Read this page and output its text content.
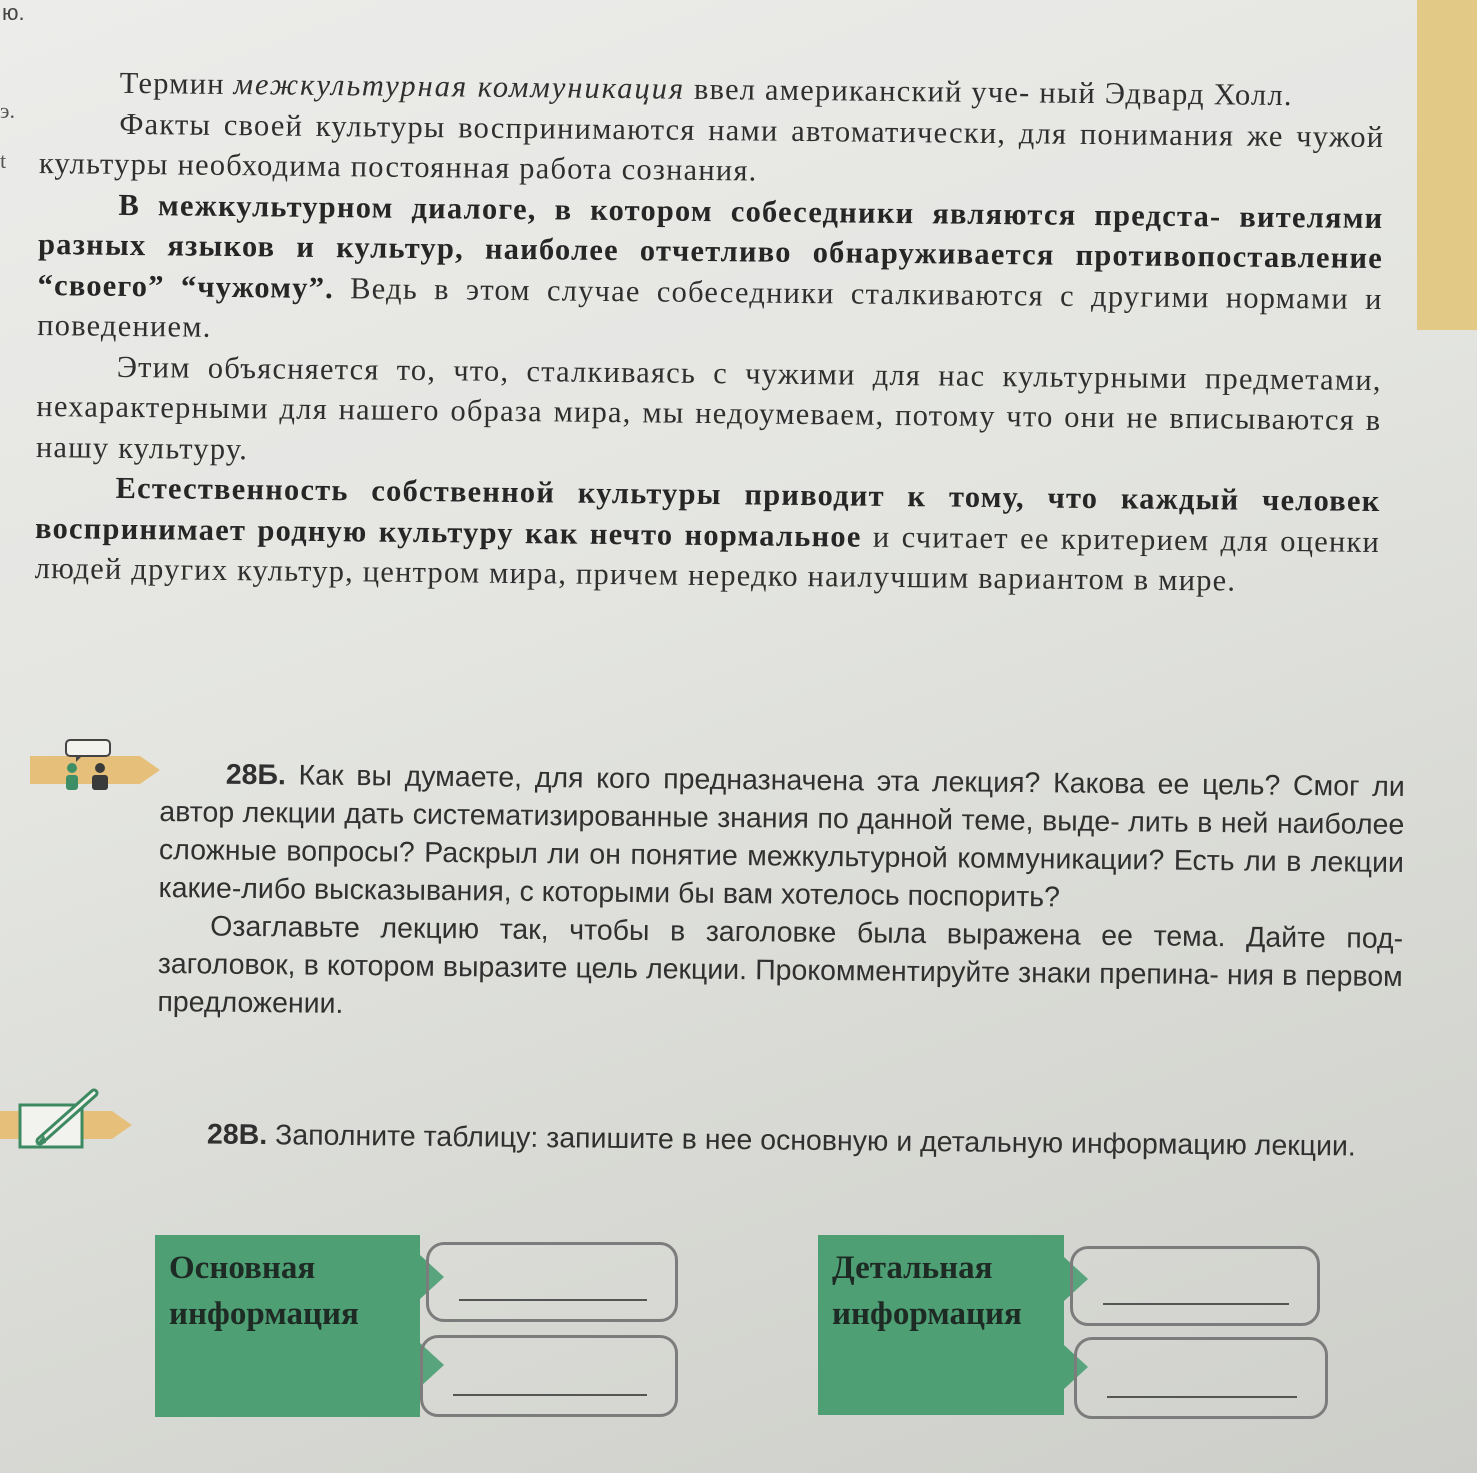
ю.
э.
t

Термин межкультурная коммуникация ввел американский уче- ный Эдвард Холл.

Факты своей культуры воспринимаются нами автоматически, для понимания же чужой культуры необходима постоянная работа сознания.

В межкультурном диалоге, в котором собеседники являются предста- вителями разных языков и культур, наиболее отчетливо обнаруживается противопоставление “своего” “чужому”. Ведь в этом случае собеседники сталкиваются с другими нормами и поведением.

Этим объясняется то, что, сталкиваясь с чужими для нас культурными предметами, нехарактерными для нашего образа мира, мы недоумеваем, потому что они не вписываются в нашу культуру.

Естественность собственной культуры приводит к тому, что каждый человек воспринимает родную культуру как нечто нормальное и считает ее критерием для оценки людей других культур, центром мира, причем нередко наилучшим вариантом в мире.

28Б. Как вы думаете, для кого предназначена эта лекция? Какова ее цель? Смог ли автор лекции дать систематизированные знания по данной теме, выде- лить в ней наиболее сложные вопросы? Раскрыл ли он понятие межкультурной коммуникации? Есть ли в лекции какие-либо высказывания, с которыми бы вам хотелось поспорить?

Озаглавьте лекцию так, чтобы в заголовке была выражена ее тема. Дайте под- заголовок, в котором выразите цель лекции. Прокомментируйте знаки препина- ния в первом предложении.

28В. Заполните таблицу: запишите в нее основную и детальную информацию лекции.

Основная информация
Детальная информация
